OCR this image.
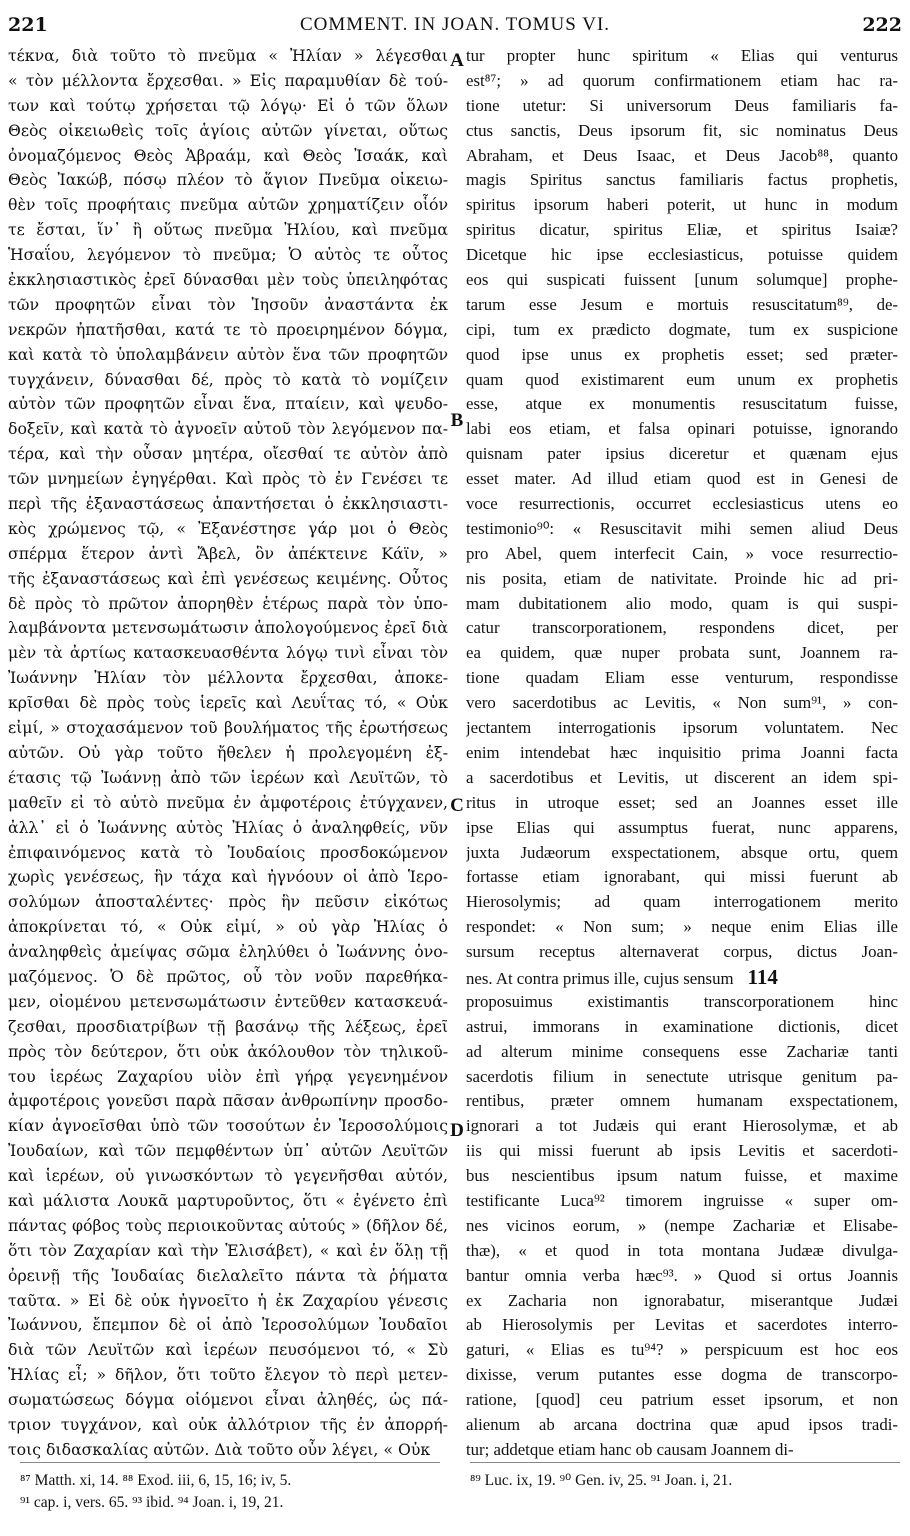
221	COMMENT. IN JOAN. TOMUS VI.	222
τέκνα, διὰ τοῦτο τὸ πνεῦμα « Ἠλίαν » λέγεσθαι
« τὸν μέλλοντα ἔρχεσθαι. » Εἰς παραμυθίαν δὲ τού-
των καὶ τούτῳ χρήσεται τῷ λόγῳ· Εἰ ὁ τῶν ὅλων
Θεὸς οἰκειωθεὶς τοῖς ἁγίοις αὐτῶν γίνεται, οὕτως
ὀνομαζόμενος Θεὸς Ἀβραάμ, καὶ Θεὸς Ἰσαάκ, καὶ
Θεὸς Ἰακώβ, πόσῳ πλέον τὸ ἅγιον Πνεῦμα οἰκειω-
θὲν τοῖς προφήταις πνεῦμα αὐτῶν χρηματίζειν οἷόν
τε ἔσται, ἵν᾽ ἢ οὕτως πνεῦμα Ἠλίου, καὶ πνεῦμα
Ἡσαΐου, λεγόμενον τὸ πνεῦμα; Ὁ αὐτὸς τε οὗτος
ἐκκλησιαστικὸς ἐρεῖ δύνασθαι μὲν τοὺς ὑπειληφότας
τῶν προφητῶν εἶναι τὸν Ἰησοῦν ἀναστάντα ἐκ
νεκρῶν ἠπατῆσθαι, κατά τε τὸ προειρημένον δόγμα,
καὶ κατὰ τὸ ὑπολαμβάνειν αὐτὸν ἕνα τῶν προφητῶν
τυγχάνειν, δύνασθαι δέ, πρὸς τὸ κατὰ τὸ νομίζειν
αὐτὸν τῶν προφητῶν εἶναι ἕνα, πταίειν, καὶ ψευδο-
δοξεῖν, καὶ κατὰ τὸ ἀγνοεῖν αὐτοῦ τὸν λεγόμενον πα-
τέρα, καὶ τὴν οὖσαν μητέρα, οἴεσθαί τε αὐτὸν ἀπὸ
τῶν μνημείων ἐγηγέρθαι. Καὶ πρὸς τὸ ἐν Γενέσει τε
περὶ τῆς ἐξαναστάσεως ἀπαντήσεται ὁ ἐκκλησιαστι-
κὸς χρώμενος τῷ, « Ἐξανέστησε γάρ μοι ὁ Θεὸς
σπέρμα ἕτερον ἀντὶ Ἄβελ, ὃν ἀπέκτεινε Κάϊν, »
τῆς ἐξαναστάσεως καὶ ἐπὶ γενέσεως κειμένης. Οὗτος
δὲ πρὸς τὸ πρῶτον ἀπορηθὲν ἑτέρως παρὰ τὸν ὑπο-
λαμβάνοντα μετενσωμάτωσιν ἀπολογούμενος ἐρεῖ διὰ
μὲν τὰ ἀρτίως κατασκευασθέντα λόγῳ τινὶ εἶναι τὸν
Ἰωάννην Ἠλίαν τὸν μέλλοντα ἔρχεσθαι, ἀποκε-
κρῖσθαι δὲ πρὸς τοὺς ἱερεῖς καὶ Λευΐτας τό, « Οὐκ
εἰμί, » στοχασάμενον τοῦ βουλήματος τῆς ἐρωτήσεως
αὐτῶν. Οὐ γὰρ τοῦτο ἤθελεν ἡ προλεγομένη ἐξ-
έτασις τῷ Ἰωάννῃ ἀπὸ τῶν ἱερέων καὶ Λευϊτῶν, τὸ
μαθεῖν εἰ τὸ αὐτὸ πνεῦμα ἐν ἀμφοτέροις ἐτύγχανεν,
ἀλλ᾽ εἰ ὁ Ἰωάννης αὐτὸς Ἠλίας ὁ ἀναληφθείς, νῦν
ἐπιφαινόμενος κατὰ τὸ Ἰουδαίοις προσδοκώμενον
χωρὶς γενέσεως, ἣν τάχα καὶ ἠγνόουν οἱ ἀπὸ Ἱερο-
σολύμων ἀποσταλέντες· πρὸς ἣν πεῦσιν εἰκότως
ἀποκρίνεται τό, « Οὐκ εἰμί, » οὐ γὰρ Ἠλίας ὁ
ἀναληφθεὶς ἀμείψας σῶμα ἐληλύθει ὁ Ἰωάννης ὀνο-
μαζόμενος. Ὁ δὲ πρῶτος, οὗ τὸν νοῦν παρεθήκα-
μεν, οἰομένου μετενσωμάτωσιν ἐντεῦθεν κατασκευά-
ζεσθαι, προσδιατρίβων τῇ βασάνῳ τῆς λέξεως, ἐρεῖ
πρὸς τὸν δεύτερον, ὅτι οὐκ ἀκόλουθον τὸν τηλικοῦ-
του ἱερέως Ζαχαρίου υἱὸν ἐπὶ γήρᾳ γεγενημένον
ἀμφοτέροις γονεῦσι παρὰ πᾶσαν ἀνθρωπίνην προσδο-
κίαν ἀγνοεῖσθαι ὑπὸ τῶν τοσούτων ἐν Ἱεροσολύμοις
Ἰουδαίων, καὶ τῶν πεμφθέντων ὑπ᾽ αὐτῶν Λευϊτῶν
καὶ ἱερέων, οὐ γινωσκόντων τὸ γεγενῆσθαι αὐτόν,
καὶ μάλιστα Λουκᾶ μαρτυροῦντος, ὅτι « ἐγένετο ἐπὶ
πάντας φόβος τοὺς περιοικοῦντας αὐτούς » (δῆλον δέ,
ὅτι τὸν Ζαχαρίαν καὶ τὴν Ἐλισάβετ), « καὶ ἐν ὅλῃ τῇ
ὀρεινῇ τῆς Ἰουδαίας διελαλεῖτο πάντα τὰ ῥήματα
ταῦτα. » Εἰ δὲ οὐκ ἠγνοεῖτο ἡ ἐκ Ζαχαρίου γένεσις
Ἰωάννου, ἔπεμπον δὲ οἱ ἀπὸ Ἱεροσολύμων Ἰουδαῖοι
διὰ τῶν Λευϊτῶν καὶ ἱερέων πευσόμενοι τό, « Σὺ
Ἠλίας εἶ; » δῆλον, ὅτι τοῦτο ἔλεγον τὸ περὶ μετεν-
σωματώσεως δόγμα οἰόμενοι εἶναι ἀληθές, ὡς πά-
τριον τυγχάνον, καὶ οὐκ ἀλλότριον τῆς ἐν ἀπορρή-
τοις διδασκαλίας αὐτῶν. Διὰ τοῦτο οὖν λέγει, « Οὐκ
tur propter hunc spiritum « Elias qui venturus
est⁸⁷; » ad quorum confirmationem etiam hac ra-
tione utetur: Si universorum Deus familiaris fa-
ctus sanctis, Deus ipsorum fit, sic nominatus Deus
Abraham, et Deus Isaac, et Deus Jacob⁸⁸, quanto
magis Spiritus sanctus familiaris factus prophetis,
spiritus ipsorum haberi poterit, ut hunc in modum
spiritus dicatur, spiritus Eliæ, et spiritus Isaiæ?
Dicetque hic ipse ecclesiasticus, potuisse quidem
eos qui suspicati fuissent [unum solumque] prophe-
tarum esse Jesum e mortuis resuscitatum⁸⁹, de-
cipi, tum ex prædicto dogmate, tum ex suspicione
quod ipse unus ex prophetis esset; sed præter-
quam quod existimarent eum unum ex prophetis
esse, atque ex monumentis resuscitatum fuisse,
labi eos etiam, et falsa opinari potuisse, ignorando
quisnam pater ipsius diceretur et quænam ejus
esset mater. Ad illud etiam quod est in Genesi de
voce resurrectionis, occurret ecclesiasticus utens eo
testimonio⁹⁰: « Resuscitavit mihi semen aliud Deus
pro Abel, quem interfecit Cain, » voce resurrectio-
nis posita, etiam de nativitate. Proinde hic ad pri-
mam dubitationem alio modo, quam is qui suspi-
catur transcorporationem, respondens dicet, per
ea quidem, quæ nuper probata sunt, Joannem ra-
tione quadam Eliam esse venturum, respondisse
vero sacerdotibus ac Levitis, « Non sum⁹¹, » con-
jectantem interrogationis ipsorum voluntatem. Nec
enim intendebat hæc inquisitio prima Joanni facta
a sacerdotibus et Levitis, ut discerent an idem spi-
ritus in utroque esset; sed an Joannes esset ille
ipse Elias qui assumptus fuerat, nunc apparens,
juxta Judæorum exspectationem, absque ortu, quem
fortasse etiam ignorabant, qui missi fuerunt ab
Hierosolymis; ad quam interrogationem merito
respondet: « Non sum; » neque enim Elias ille
sursum receptus alternaverat corpus, dictus Joan-
nes. At contra primus ille, cujus sensum 114
proposuimus existimantis transcorporationem hinc
astrui, immorans in examinatione dictionis, dicet
ad alterum minime consequens esse Zachariæ tanti
sacerdotis filium in senectute utrisque genitum pa-
rentibus, præter omnem humanam exspectationem,
ignorari a tot Judæis qui erant Hierosolymæ, et ab
iis qui missi fuerunt ab ipsis Levitis et sacerdoti-
bus nescientibus ipsum natum fuisse, et maxime
testificante Luca⁹² timorem ingruisse « super om-
nes vicinos eorum, » (nempe Zachariæ et Elisabe-
thæ), « et quod in tota montana Judææ divulga-
bantur omnia verba hæc⁹³. » Quod si ortus Joannis
ex Zacharia non ignorabatur, miserantque Judæi
ab Hierosolymis per Levitas et sacerdotes interro-
gaturi, « Elias es tu⁹⁴? » perspicuum est hoc eos
dixisse, verum putantes esse dogma de transcorpo-
ratione, [quod] ceu patrium esset ipsorum, et non
alienum ab arcana doctrina quæ apud ipsos tradi-
tur; addetque etiam hanc ob causam Joannem di-
A
B
C
D
⁸⁷ Matth. xi, 14. ⁸⁸ Exod. iii, 6, 15, 16; iv, 5.
⁹¹ cap. i, vers. 65. ⁹³ ibid. ⁹⁴ Joan. i, 19, 21.
⁸⁹ Luc. ix, 19. ⁹⁰ Gen. iv, 25. ⁹¹ Joan. i, 21.
